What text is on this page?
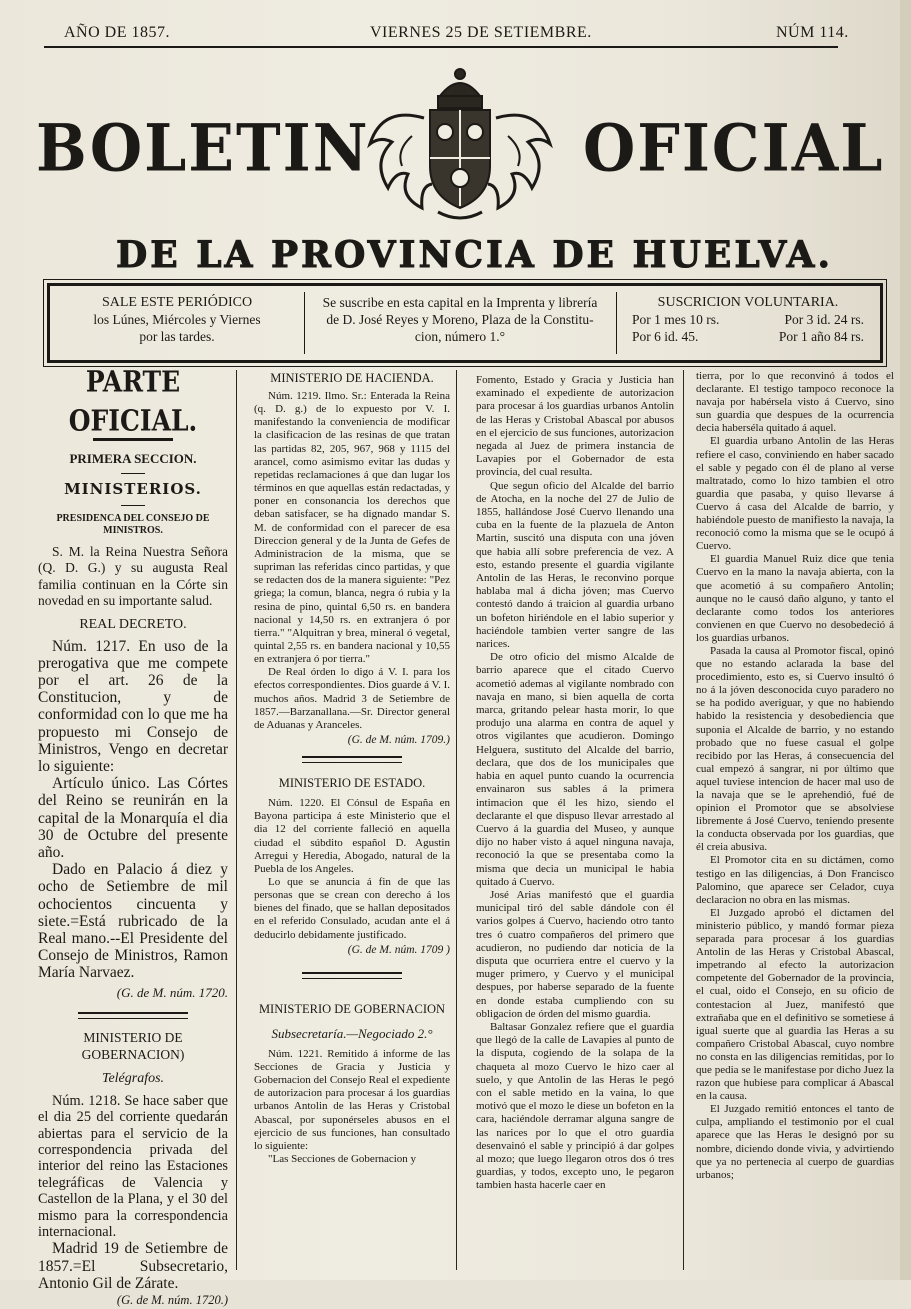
AÑO DE 1857.	VIERNES 25 DE SETIEMBRE.	NÚM 114.
BOLETIN	OFICIAL
DE LA PROVINCIA DE HUELVA.
SALE ESTE PERIÓDICO
los Lúnes, Miércoles y Viernes
por las tardes.
Se suscribe en esta capital en la Imprenta y librería
de D. José Reyes y Moreno, Plaza de la Constitu-
cion, número 1.°
SUSCRICION VOLUNTARIA.
Por 1 mes 10 rs.	Por 3 id. 24 rs.
Por 6 id. 45.	Por 1 año 84 rs.
PARTE OFICIAL.
PRIMERA SECCION.
MINISTERIOS.
PRESIDENCA DEL CONSEJO DE MINISTROS.

S. M. la Reina Nuestra Señora (Q. D. G.) y su augusta Real familia continuan en la Córte sin novedad en su importante salud.

REAL DECRETO.

Núm. 1217. En uso de la prerogativa que me compete por el art. 26 de la Constitucion, y de conformidad con lo que me ha propuesto mi Consejo de Ministros, Vengo en decretar lo siguiente:

Artículo único. Las Córtes del Reino se reunirán en la capital de la Monarquía el dia 30 de Octubre del presente año.

Dado en Palacio á diez y ocho de Setiembre de mil ochocientos cincuenta y siete.=Está rubricado de la Real mano.--El Presidente del Consejo de Ministros, Ramon María Narvaez.

(G. de M. núm. 1720.
MINISTERIO DE GOBERNACION)
Telégrafos.

Núm. 1218. Se hace saber que el dia 25 del corriente quedarán abiertas para el servicio de la correspondencia privada del interior del reino las Estaciones telegráficas de Valencia y Castellon de la Plana, y el 30 del mismo para la correspondencia internacional.

Madrid 19 de Setiembre de 1857.=El Subsecretario, Antonio Gil de Zárate.

(G. de M. núm. 1720.)
MINISTERIO DE HACIENDA.

Núm. 1219. Ilmo. Sr.: Enterada la Reina (q. D. g.) de lo expuesto por V. I. manifestando la conveniencia de modificar la clasificacion de las resinas de que tratan las partidas 82, 205, 967, 968 y 1115 del arancel, como asimismo evitar las dudas y repetidas reclamaciones á que dan lugar los términos en que aquellas están redactadas, y poner en consonancia los derechos que deban satisfacer, se ha dignado mandar S. M. de conformidad con el parecer de esa Direccion general y de la Junta de Gefes de Administracion de la misma, que se supriman las referidas cinco partidas, y que se redacten dos de la manera siguiente: "Pez griega; la comun, blanca, negra ó rubia y la resina de pino, quintal 6,50 rs. en bandera nacional y 14,50 rs. en extranjera ó por tierra." "Alquitran y brea, mineral ó vegetal, quintal 2,55 rs. en bandera nacional y 10,55 en extranjera ó por tierra."

De Real órden lo digo á V. I. para los efectos correspondientes. Dios guarde á V. I. muchos años. Madrid 3 de Setiembre de 1857.—Barzanallana.—Sr. Director general de Aduanas y Aranceles.

(G. de M. núm. 1709.)
MINISTERIO DE ESTADO.

Núm. 1220. El Cónsul de España en Bayona participa á este Ministerio que el dia 12 del corriente falleció en aquella ciudad el súbdito español D. Agustin Arregui y Heredia, Abogado, natural de la Puebla de los Angeles.

Lo que se anuncia á fin de que las personas que se crean con derecho á los bienes del finado, que se hallan depositados en el referido Consulado, acudan ante el á deducirlo debidamente justificado.

(G. de M. núm. 1709 )
MINISTERIO DE GOBERNACION
Subsecretaría.—Negociado 2.°

Núm. 1221. Remitido á informe de las Secciones de Gracia y Justicia y Gobernacion del Consejo Real el expediente de autorizacion para procesar á los guardias urbanos Antolin de las Heras y Cristobal Abascal, por suponérseles abusos en el ejercicio de sus funciones, han consultado lo siguiente:

"Las Secciones de Gobernacion y

Fomento, Estado y Gracia y Justicia han examinado el expediente de autorizacion para procesar á los guardias urbanos Antolin de las Heras y Cristobal Abascal por abusos en el ejercicio de sus funciones, autorizacion negada al Juez de primera instancia de Lavapies por el Gobernador de esta provincia, del cual resulta.

Que segun oficio del Alcalde del barrio de Atocha, en la noche del 27 de Julio de 1855, hallándose José Cuervo llenando una cuba en la fuente de la plazuela de Anton Martin, suscitó una disputa con una jóven que habia allí sobre preferencia de vez. A esto, estando presente el guardia vigilante Antolin de las Heras, le reconvino porque hablaba mal á dicha jóven; mas Cuervo contestó dando á traicion al guardia urbano un bofeton hiriéndole en el labio superior y haciéndole tambien verter sangre de las narices.

De otro oficio del mismo Alcalde de barrio aparece que el citado Cuervo acometió ademas al vigilante nombrado con navaja en mano, si bien aquella de corta marca, gritando pelear hasta morir, lo que produjo una alarma en contra de aquel y otros vigilantes que acudieron. Domingo Helguera, sustituto del Alcalde del barrio, declara, que dos de los municipales que habia en aquel punto cuando la ocurrencia envainaron sus sables á la primera intimacion que él les hizo, siendo el declarante el que dispuso llevar arrestado al Cuervo á la guardia del Museo, y aunque dijo no haber visto á aquel ninguna navaja, reconoció la que se presentaba como la misma que decia un municipal le habia quitado á Cuervo.

José Arias manifestó que el guardia municipal tiró del sable dándole con él varios golpes á Cuervo, haciendo otro tanto tres ó cuatro compañeros del primero que acudieron, no pudiendo dar noticia de la disputa que ocurriera entre el cuervo y la muger primero, y Cuervo y el municipal despues, por haberse separado de la fuente en donde estaba cumpliendo con su obligacion de órden del mismo guardia.

Baltasar Gonzalez refiere que el guardia que llegó de la calle de Lavapies al punto de la disputa, cogiendo de la solapa de la chaqueta al mozo Cuervo le hizo caer al suelo, y que Antolin de las Heras le pegó con el sable metido en la vaina, lo que motivó que el mozo le diese un bofeton en la cara, haciéndole derramar alguna sangre de las narices por lo que el otro guardia desenvainó el sable y principió á dar golpes al mozo; que luego llegaron otros dos ó tres guardias, y todos, excepto uno, le pegaron tambien hasta hacerle caer en

tierra, por lo que reconvinó á todos el declarante. El testigo tampoco reconoce la navaja por habérsela visto á Cuervo, sino sun guardia que despues de la ocurrencia decia haberséla quitado á aquel.

El guardia urbano Antolin de las Heras refiere el caso, conviniendo en haber sacado el sable y pegado con él de plano al verse maltratado, como lo hizo tambien el otro guardia que pasaba, y quiso llevarse á Cuervo á casa del Alcalde de barrio, y habiéndole puesto de manifiesto la navaja, la reconoció como la misma que se le ocupó á Cuervo.

El guardia Manuel Ruiz dice que tenia Cuervo en la mano la navaja abierta, con la que acometió á su compañero Antolin; aunque no le causó daño alguno, y tanto el declarante como todos los anteriores convienen en que Cuervo no desobedeció á los guardias urbanos.

Pasada la causa al Promotor fiscal, opinó que no estando aclarada la base del procedimiento, esto es, si Cuervo insultó ó no á la jóven desconocida cuyo paradero no se ha podido averiguar, y que no habiendo habido la resistencia y desobediencia que suponia el Alcalde de barrio, y no estando probado que no fuese casual el golpe recibido por las Heras, á consecuencia del cual empezó á sangrar, ni por último que aquel tuviese intencion de hacer mal uso de la navaja que se le aprehendió, fué de opinion el Promotor que se absolviese libremente á José Cuervo, teniendo presente la conducta observada por los guardias, que él creia abusiva.

El Promotor cita en su dictámen, como testigo en las diligencias, á Don Francisco Palomino, que aparece ser Celador, cuya declaracion no obra en las mismas.

El Juzgado aprobó el dictamen del ministerio público, y mandó formar pieza separada para procesar á los guardias Antolin de las Heras y Cristobal Abascal, impetrando al efecto la autorizacion competente del Gobernador de la provincia, el cual, oido el Consejo, en su oficio de contestacion al Juez, manifestó que extrañaba que en el definitivo se sometiese á igual suerte que al guardia las Heras a su compañero Cristobal Abascal, cuyo nombre no consta en las diligencias remitidas, por lo que pedia se le manifestase por dicho Juez la razon que hubiese para complicar á Abascal en la causa.

El Juzgado remitió entonces el tanto de culpa, ampliando el testimonio por el cual aparece que las Heras le designó por su nombre, diciendo donde vivia, y advirtiendo que ya no pertenecia al cuerpo de guardias urbanos;
